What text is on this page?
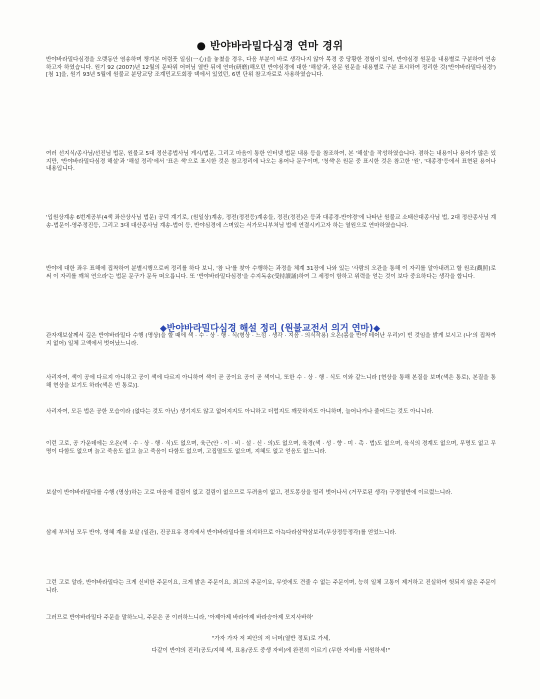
● 반야바라밀다심경 연마 경위
반야바라밀다심경을 오랫동안 염송하며 챙겨본 어렴풋 일심(一心)을 놓쳤을 경우, 다음 부분이 바로 생각나지 않아 목경 중 당황한 경험이 있어, 반야심경 원문을 내용별로 구분하여 연송하고자 하였습니다. 원기 92 (2007)년 12월의 문타위 어머님 열반 뒤에 연마(研磨)해오던 반야심경에 대한 '해설'과, 완문 원문을 내용별로 구분 표시하여 정리한 것('반야바라밀다심경')[첨 1]을, 원기 93년 5월에 원불교 분당교당 조계민교도회장 댁에서 있었던, 6번 단위 참고자료로 사용하였습니다.
여러 선지식/종사님/선진님 법문, 원불교 5대 정산종법사님 게시/법문, 그리고 마음이 통한 인터넷 법문 내용 등을 참조하여, 본 '해설'을 작성하였습니다. 겸하는 내용이나 용어가 많은 있지만, '반야바라밀다심경 해설'과 '해설 정리'에서 '표은 색'으로 표시한 것은 참고정리에 나오는 용어나 문구이며, '청색'은 원문 중 표시한 것은 참고한 '원', '대종경'등에서 표현된 용어나 내용입니다.
'입원상계송 6번게공부(4색 좌산상사님 법문) 공덕 계기로, (원일상)계송, 정전(정전등)계송들, 정진(정진)은 등과 대종경-반야경'에 나타난 원불교 소태산대종사님 법, 2대 정산종사님 계송-법문이-영주정진등, 그리고 3대 대산종사님 계송-법어 등, 반야심경에 스며있는 서가모니부처님 법에 연결시키고자 하는 열원으로 연마하였습니다.
반야에 대한 좌우 표해에 집착하여 분별시행으로써 정리를 하다 보니, '참 나'를 찾아 수행하는 과정을 체계 31장에 나와 있는 '사람의 오관을 통해 이 자리를 알아내려고 할 원조(觀照)로써 이 자리를 깨쳐 연으라'는 법문 문구가 문득 떠오릅니다. 또 '반야바라밀다심경'을 수지독송(受持讀誦)하여 그 세정이 함하고 위력을 얻는 것이 보다 중요하다는 생각을 합니다.
◆반야바라밀다심경 해설 정리 (원불교전서 의거 연마)◆
관자재보살께서 깊은 반야바라밀다 수행 (명상)을 할 때에 색 · 수 · 상 · 행 · 식(형상 · 느낌 · 생각 · 지음 · 의식작용) 오온(몸을 반야 테어난 우리)이 빈 것임을 밝게 보시고 (나'의 집착까지 없어) 일체 고액에서 벗어났느니라.
사리자여, 색이 공에 다르지 아니하고 공이 색에 다르지 아니하여 색이 곧 공이요 공이 곧 색이니, 또한 수 · 상 · 행 · 식도 이와 같느니라 [현상을 통해 본질을 보며(색은 통로), 본질을 통해 현상을 보기도 하라(색은 빈 통로)].
사리자여, 모든 법은 공한 모습이라 (없다는 것도 아닌) 생기지도 않고 없어지지도 아니하고 더럽지도 깨끗하지도 아니하며, 늘어나거나 줄어드는 것도 아니니라.
이런 고로, 공 가운데에는 오온(색 · 수 · 상 · 행 · 식)도 없으며, 육근(안 · 이 · 비 · 설 · 신 · 의)도 없으며, 육경(색 · 성 · 향 · 미 · 촉 · 법)도 없으며, 육식의 경계도 없으며, 무명도 없고 무명이 다함도 없으며 늙고 죽음도 없고 늙고 죽음이 다함도 없으며, 고집멸도도 없으며, 지혜도 없고 얻음도 없느니라.
보살이 반야바라밀다를 수행 (명상)하는 고로 마음에 걸림이 없고 걸림이 없으므로 두려움이 없고, 전도몽상을 멀리 벗어나서 (거꾸로된 생각) 구경열반에 이르렀느니라.
삼세 부처님 모두 반야, 영혜 계율 보살 (일관), 진공묘유 경지에서 반야바라밀다를 의지하므로 아뇩다라삼먁삼보리(무상정등정각)를 얻었느니라.
그런 고로 알라, 반야바라밀다는 크게 신비한 주문이요, 크게 밝은 주문이요, 최고의 주문이요, 무엇에도 견줄 수 없는 주문이며, 능히 일체 고통이 제거하고 진실하여 헛되지 않은 주문이니라.
그러므로 반야바라밀다 주문을 말하노니, 주문은 곧 이러하느니라, '아제아제 바라아제 바라승아제 모지사바하'
"가자 가자 저 피안의 저 너머(열반 정토)로 가세,
다같이 반야의 진리(공도/지혜 색, 묘용/공도 중생 자비)에 완전히 이르기 (무한 자비)를 서원하세!"
